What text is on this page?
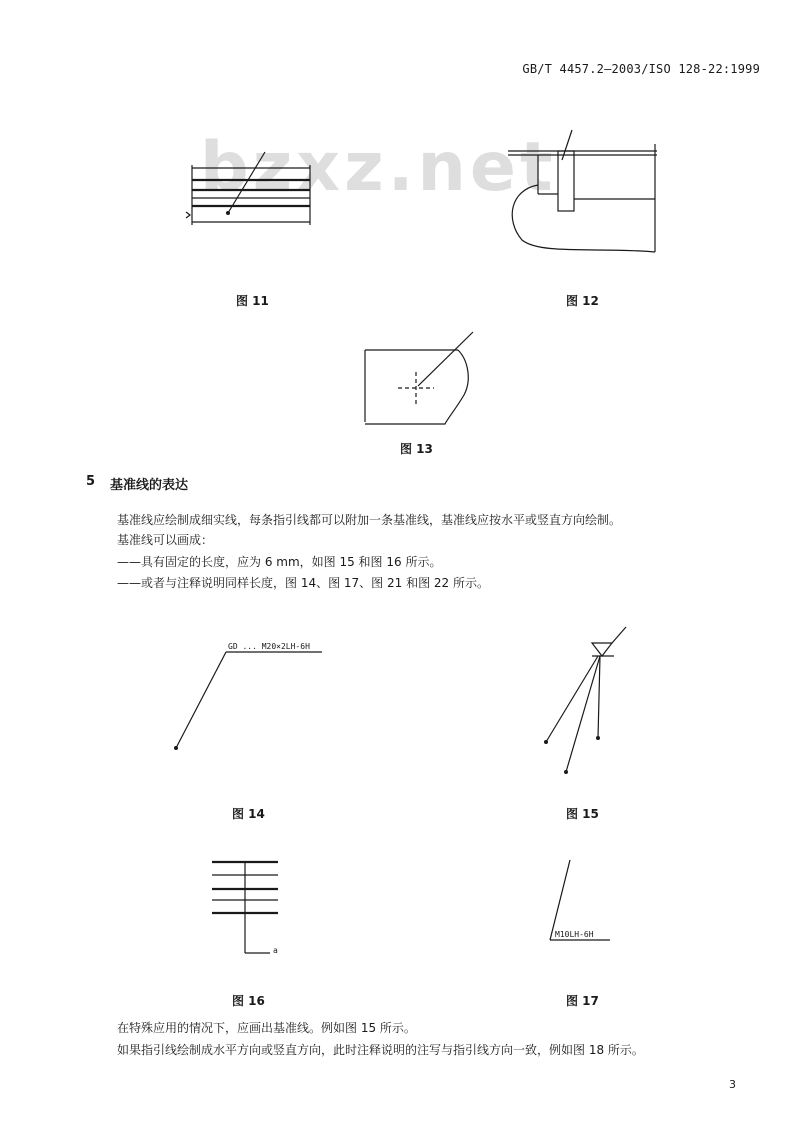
GB/T 4457.2—2003/ISO 128-22:1999
bzxz.net
图 11	图 12
图 13
5 基准线的表达
基准线应绘制成细实线，每条指引线都可以附加一条基准线，基准线应按水平或竖直方向绘制。
基准线可以画成：
——具有固定的长度，应为 6 mm，如图 15 和图 16 所示。
——或者与注释说明同样长度，图 14、图 17、图 21 和图 22 所示。
GD ... M20×2LH-6H
图 14	图 15
a
图 16
M10LH-6H
图 17
在特殊应用的情况下，应画出基准线。例如图 15 所示。
如果指引线绘制成水平方向或竖直方向，此时注释说明的注写与指引线方向一致，例如图 18 所示。
3
